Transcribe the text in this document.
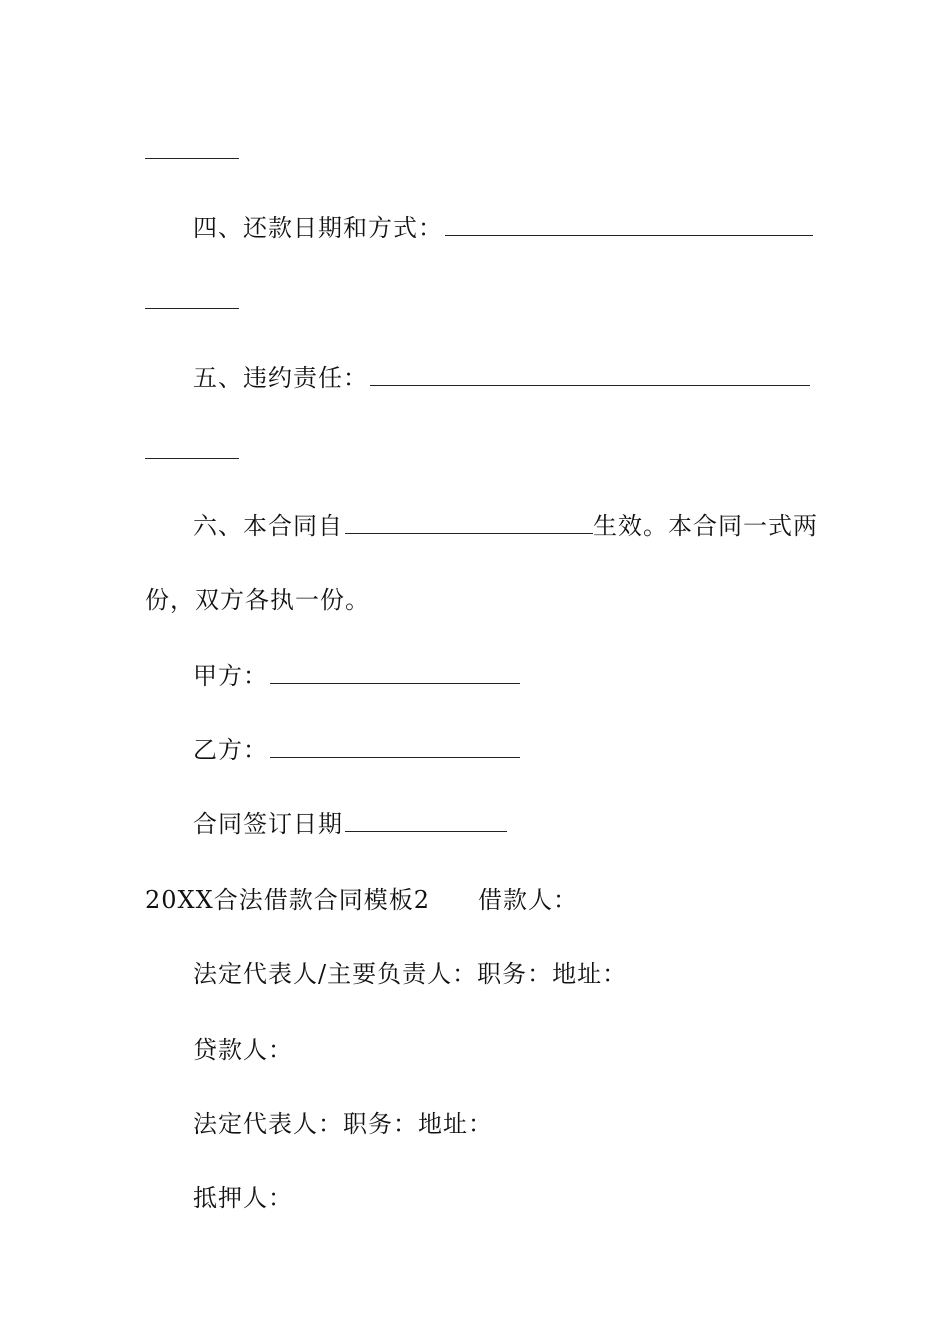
四、还款日期和方式：
五、违约责任：
六、本合同自	生效。本合同一式两
份，双方各执一份。
甲方：
乙方：
合同签订日期
20XX合法借款合同模板2 借款人：
法定代表人/主要负责人：职务：地址：
贷款人：
法定代表人：职务：地址：
抵押人：
